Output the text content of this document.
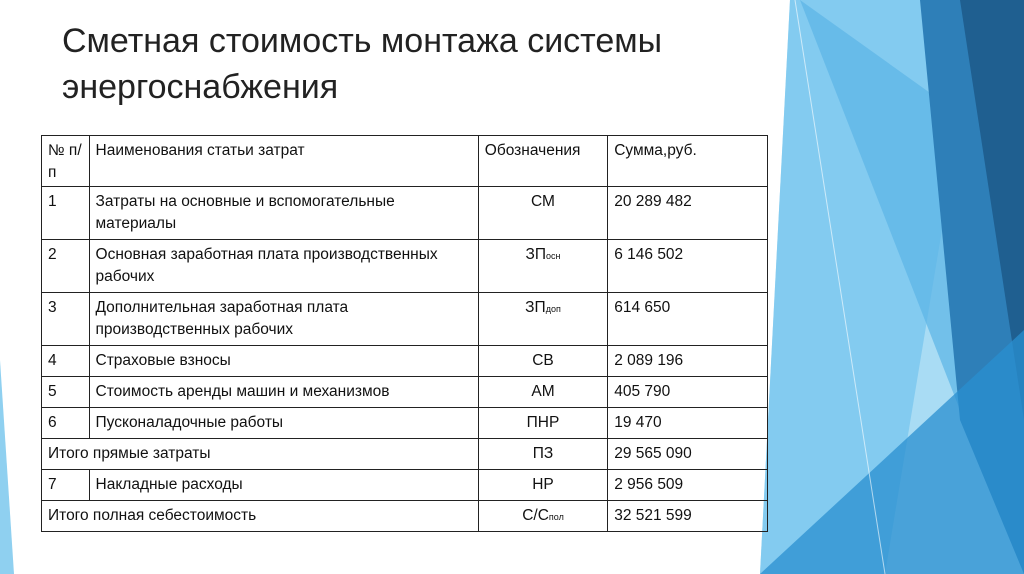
Сметная стоимость монтажа системы
энергоснабжения
№ п/п	Наименования статьи затрат	Обозначения	Сумма,руб.
1	Затраты на основные и вспомогательные материалы	СМ	20 289 482
2	Основная заработная плата производственных рабочих	ЗПосн	6 146 502
3	Дополнительная заработная плата производственных рабочих	ЗПдоп	614 650
4	Страховые взносы	СВ	2 089 196
5	Стоимость аренды машин и механизмов	АМ	405 790
6	Пусконаладочные работы	ПНР	19 470
Итого прямые затраты		ПЗ	29 565 090
7	Накладные расходы	НР	2 956 509
Итого полная себестоимость		С/Спол	32 521 599
